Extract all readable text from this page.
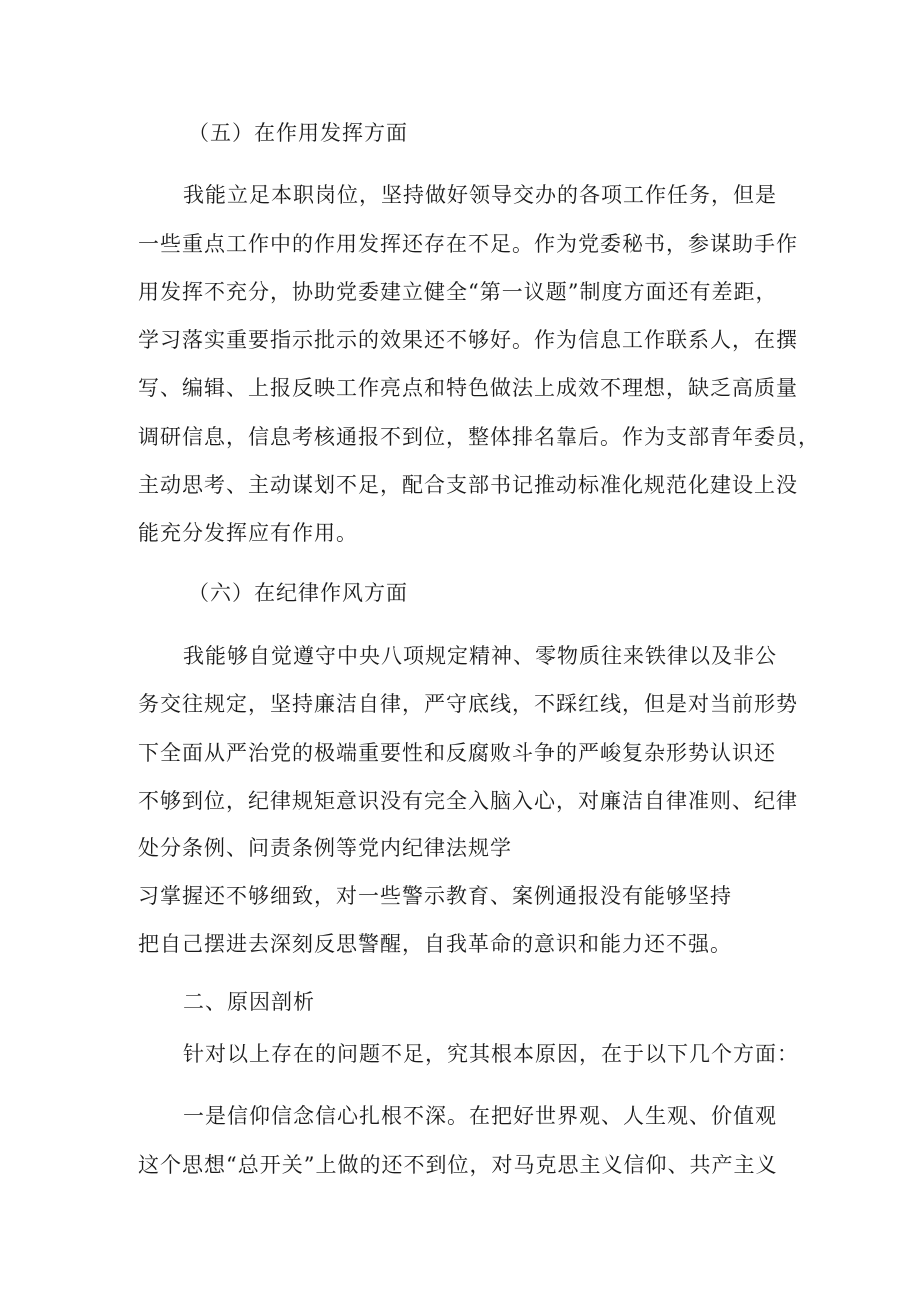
（五）在作用发挥方面
我能立足本职岗位，坚持做好领导交办的各项工作任务，但是
一些重点工作中的作用发挥还存在不足。作为党委秘书，参谋助手作
用发挥不充分，协助党委建立健全“第一议题”制度方面还有差距，
学习落实重要指示批示的效果还不够好。作为信息工作联系人，在撰
写、编辑、上报反映工作亮点和特色做法上成效不理想，缺乏高质量
调研信息，信息考核通报不到位，整体排名靠后。作为支部青年委员，
主动思考、主动谋划不足，配合支部书记推动标准化规范化建设上没
能充分发挥应有作用。
（六）在纪律作风方面
我能够自觉遵守中央八项规定精神、零物质往来铁律以及非公
务交往规定，坚持廉洁自律，严守底线，不踩红线，但是对当前形势
下全面从严治党的极端重要性和反腐败斗争的严峻复杂形势认识还
不够到位，纪律规矩意识没有完全入脑入心，对廉洁自律准则、纪律
处分条例、问责条例等党内纪律法规学
习掌握还不够细致，对一些警示教育、案例通报没有能够坚持
把自己摆进去深刻反思警醒，自我革命的意识和能力还不强。
二、原因剖析
针对以上存在的问题不足，究其根本原因，在于以下几个方面：
一是信仰信念信心扎根不深。在把好世界观、人生观、价值观
这个思想“总开关”上做的还不到位，对马克思主义信仰、共产主义
